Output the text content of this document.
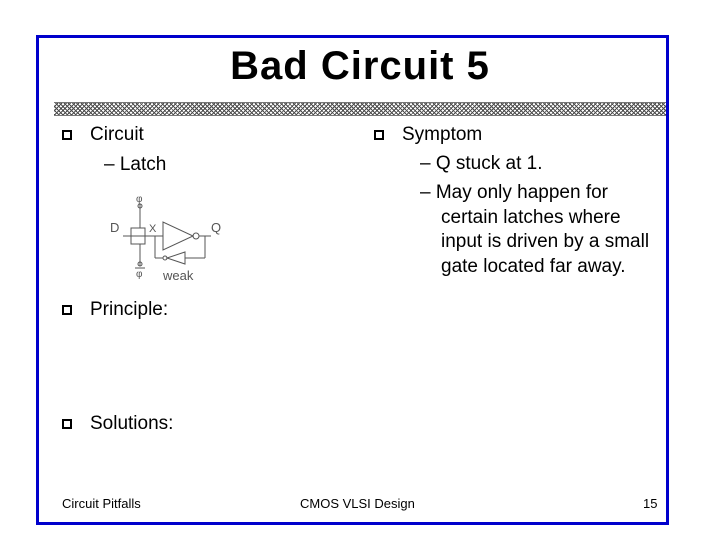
Bad Circuit 5
Circuit
– Latch
D	X	Q
weak
φ
φ
Symptom
– Q stuck at 1.
– May only happen for
certain latches where
input is driven by a small
gate located far away.
Principle:
Solutions:
Circuit Pitfalls	CMOS VLSI Design	15
